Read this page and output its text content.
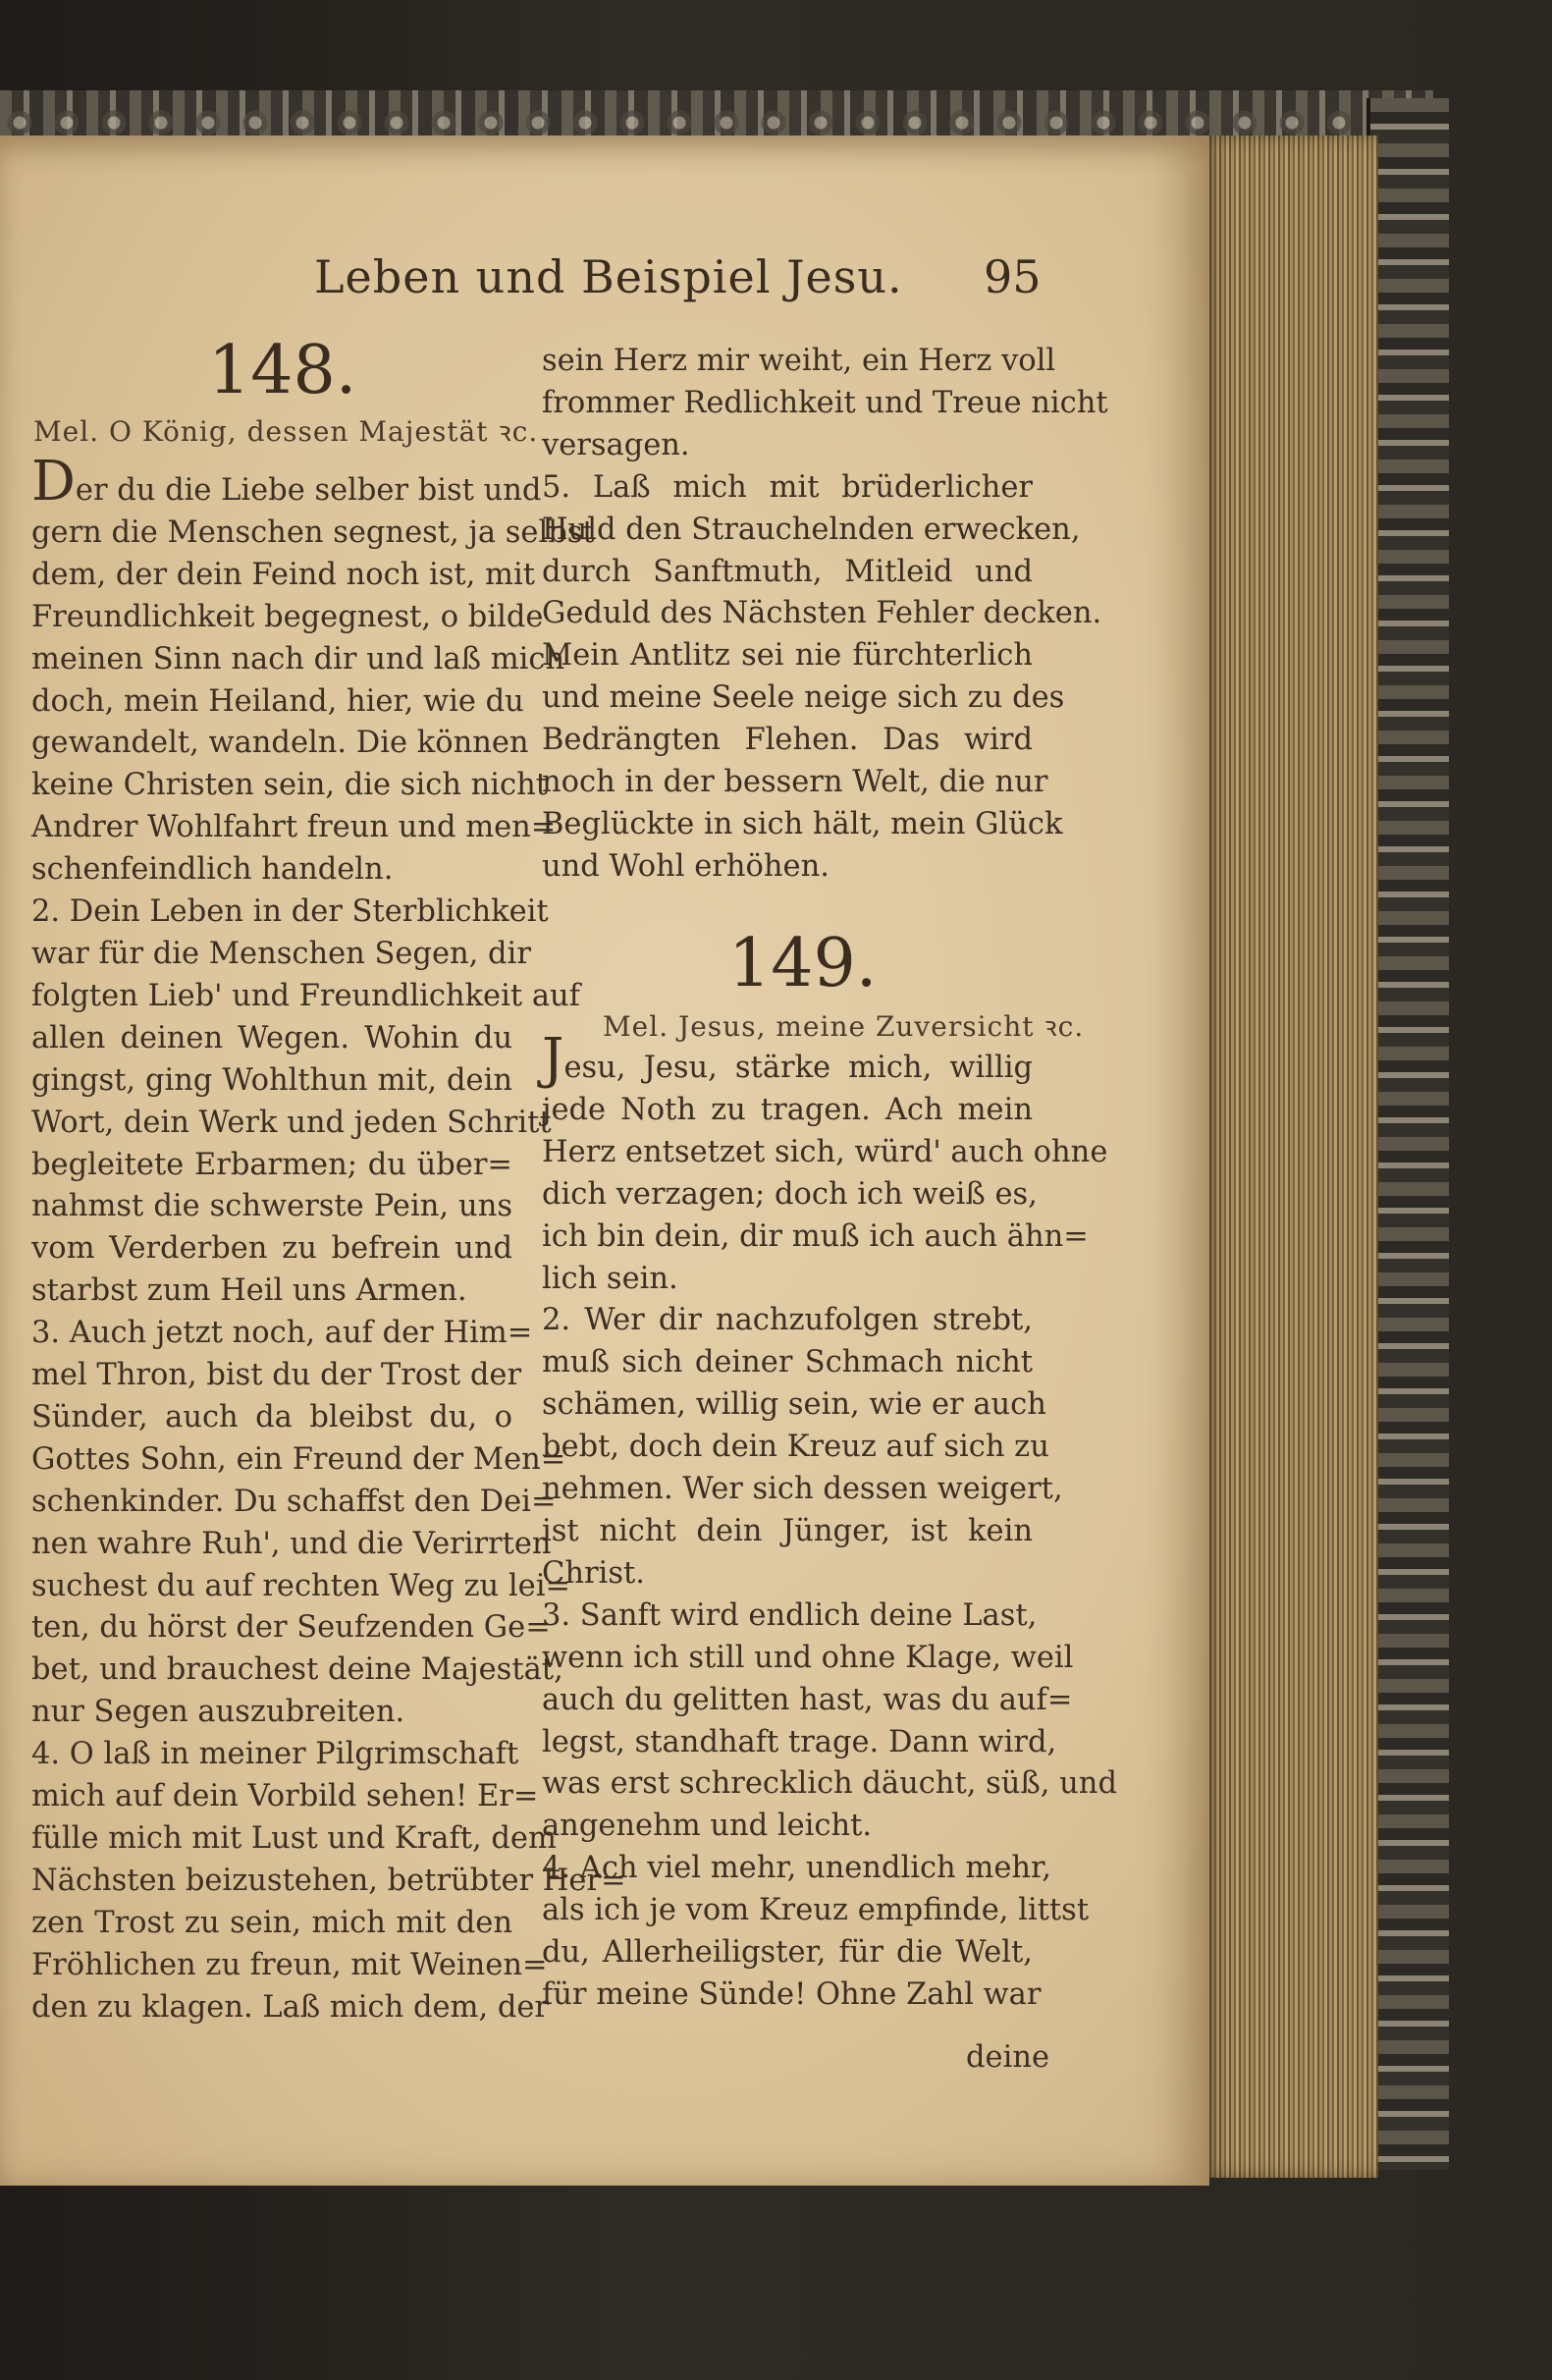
Leben und Beispiel Jesu. 95
148.
Mel. O König, dessen Majestät ꝛc.
Der du die Liebe selber bist und
gern die Menschen segnest, ja selbst
dem, der dein Feind noch ist, mit
Freundlichkeit begegnest, o bilde
meinen Sinn nach dir und laß mich
doch, mein Heiland, hier, wie du
gewandelt, wandeln. Die können
keine Christen sein, die sich nicht
Andrer Wohlfahrt freun und men=
schenfeindlich handeln.
2. Dein Leben in der Sterblichkeit
war für die Menschen Segen, dir
folgten Lieb' und Freundlichkeit auf
allen deinen Wegen. Wohin du
gingst, ging Wohlthun mit, dein
Wort, dein Werk und jeden Schritt
begleitete Erbarmen; du über=
nahmst die schwerste Pein, uns
vom Verderben zu befrein und
starbst zum Heil uns Armen.
3. Auch jetzt noch, auf der Him=
mel Thron, bist du der Trost der
Sünder, auch da bleibst du, o
Gottes Sohn, ein Freund der Men=
schenkinder. Du schaffst den Dei=
nen wahre Ruh', und die Verirrten
suchest du auf rechten Weg zu lei=
ten, du hörst der Seufzenden Ge=
bet, und brauchest deine Majestät,
nur Segen auszubreiten.
4. O laß in meiner Pilgrimschaft
mich auf dein Vorbild sehen! Er=
fülle mich mit Lust und Kraft, dem
Nächsten beizustehen, betrübter Her=
zen Trost zu sein, mich mit den
Fröhlichen zu freun, mit Weinen=
den zu klagen. Laß mich dem, der
sein Herz mir weiht, ein Herz voll
frommer Redlichkeit und Treue nicht
versagen.
5. Laß mich mit brüderlicher
Huld den Strauchelnden erwecken,
durch Sanftmuth, Mitleid und
Geduld des Nächsten Fehler decken.
Mein Antlitz sei nie fürchterlich
und meine Seele neige sich zu des
Bedrängten Flehen. Das wird
noch in der bessern Welt, die nur
Beglückte in sich hält, mein Glück
und Wohl erhöhen.
149.
Mel. Jesus, meine Zuversicht ꝛc.
Jesu, Jesu, stärke mich, willig
jede Noth zu tragen. Ach mein
Herz entsetzet sich, würd' auch ohne
dich verzagen; doch ich weiß es,
ich bin dein, dir muß ich auch ähn=
lich sein.
2. Wer dir nachzufolgen strebt,
muß sich deiner Schmach nicht
schämen, willig sein, wie er auch
bebt, doch dein Kreuz auf sich zu
nehmen. Wer sich dessen weigert,
ist nicht dein Jünger, ist kein
Christ.
3. Sanft wird endlich deine Last,
wenn ich still und ohne Klage, weil
auch du gelitten hast, was du auf=
legst, standhaft trage. Dann wird,
was erst schrecklich däucht, süß, und
angenehm und leicht.
4. Ach viel mehr, unendlich mehr,
als ich je vom Kreuz empfinde, littst
du, Allerheiligster, für die Welt,
für meine Sünde! Ohne Zahl war
deine
